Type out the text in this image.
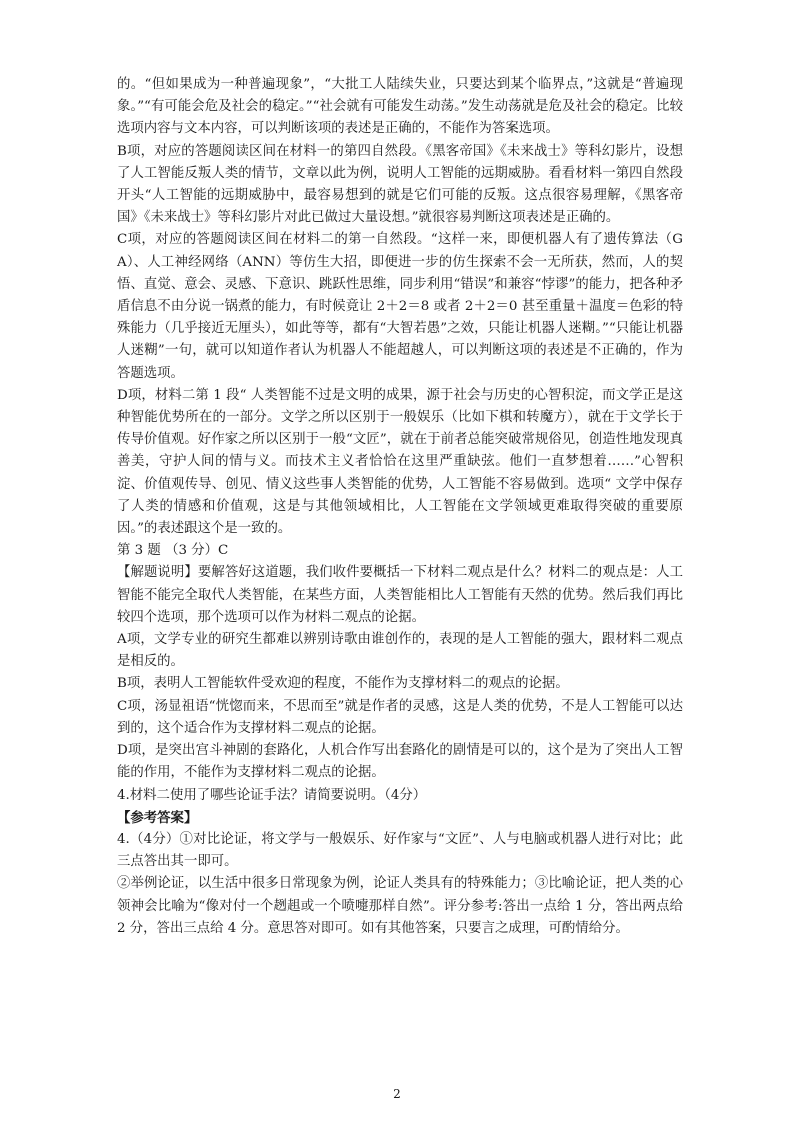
的。“但如果成为一种普遍现象”，“大批工人陆续失业，只要达到某个临界点，”这就是“普遍现象。”“有可能会危及社会的稳定。”“社会就有可能发生动荡。”发生动荡就是危及社会的稳定。比较选项内容与文本内容，可以判断该项的表述是正确的，不能作为答案选项。

B项，对应的答题阅读区间在材料一的第四自然段。《黑客帝国》《未来战士》等科幻影片，设想了人工智能反叛人类的情节，文章以此为例，说明人工智能的远期威胁。看看材料一第四自然段开头“人工智能的远期威胁中，最容易想到的就是它们可能的反叛。这点很容易理解，《黑客帝国》《未来战士》等科幻影片对此已做过大量设想。”就很容易判断这项表述是正确的。

C项，对应的答题阅读区间在材料二的第一自然段。“这样一来，即便机器人有了遗传算法（GA）、人工神经网络（ANN）等仿生大招，即便进一步的仿生探索不会一无所获，然而，人的契悟、直觉、意会、灵感、下意识、跳跃性思维，同步利用“错误”和兼容“悖谬”的能力，把各种矛盾信息不由分说一锅煮的能力，有时候竟让 2＋2＝8 或者 2＋2＝0 甚至重量＋温度＝色彩的特殊能力（几乎接近无厘头），如此等等，都有“大智若愚”之效，只能让机器人迷糊。”“只能让机器人迷糊”一句，就可以知道作者认为机器人不能超越人，可以判断这项的表述是不正确的，作为答题选项。

D项，材料二第 1 段“ 人类智能不过是文明的成果，源于社会与历史的心智积淀，而文学正是这种智能优势所在的一部分。文学之所以区别于一般娱乐（比如下棋和转魔方），就在于文学长于传导价值观。好作家之所以区别于一般“文匠”，就在于前者总能突破常规俗见，创造性地发现真善美，守护人间的情与义。而技术主义者恰恰在这里严重缺弦。他们一直梦想着……”心智积淀、价值观传导、创见、情义这些事人类智能的优势，人工智能不容易做到。选项“ 文学中保存了人类的情感和价值观，这是与其他领域相比，人工智能在文学领域更难取得突破的重要原因。”的表述跟这个是一致的。

第 3 题 （3 分）C

【解题说明】要解答好这道题，我们收件要概括一下材料二观点是什么？材料二的观点是：人工智能不能完全取代人类智能，在某些方面，人类智能相比人工智能有天然的优势。然后我们再比较四个选项，那个选项可以作为材料二观点的论据。

A项，文学专业的研究生都难以辨别诗歌由谁创作的，表现的是人工智能的强大，跟材料二观点是相反的。

B项，表明人工智能软件受欢迎的程度，不能作为支撑材料二的观点的论据。

C项，汤显祖语“恍惚而来，不思而至”就是作者的灵感，这是人类的优势，不是人工智能可以达到的，这个适合作为支撑材料二观点的论据。

D项，是突出宫斗神剧的套路化，人机合作写出套路化的剧情是可以的，这个是为了突出人工智能的作用，不能作为支撑材料二观点的论据。

4.材料二使用了哪些论证手法？请简要说明。（4分）

【参考答案】

4.（4分）①对比论证，将文学与一般娱乐、好作家与“文匠”、人与电脑或机器人进行对比；此三点答出其一即可。

②举例论证，以生活中很多日常现象为例，论证人类具有的特殊能力；③比喻论证，把人类的心领神会比喻为“像对付一个趔趄或一个喷嚏那样自然”。评分参考:答出一点给 1 分，答出两点给 2 分，答出三点给 4 分。意思答对即可。如有其他答案，只要言之成理，可酌情给分。

2
